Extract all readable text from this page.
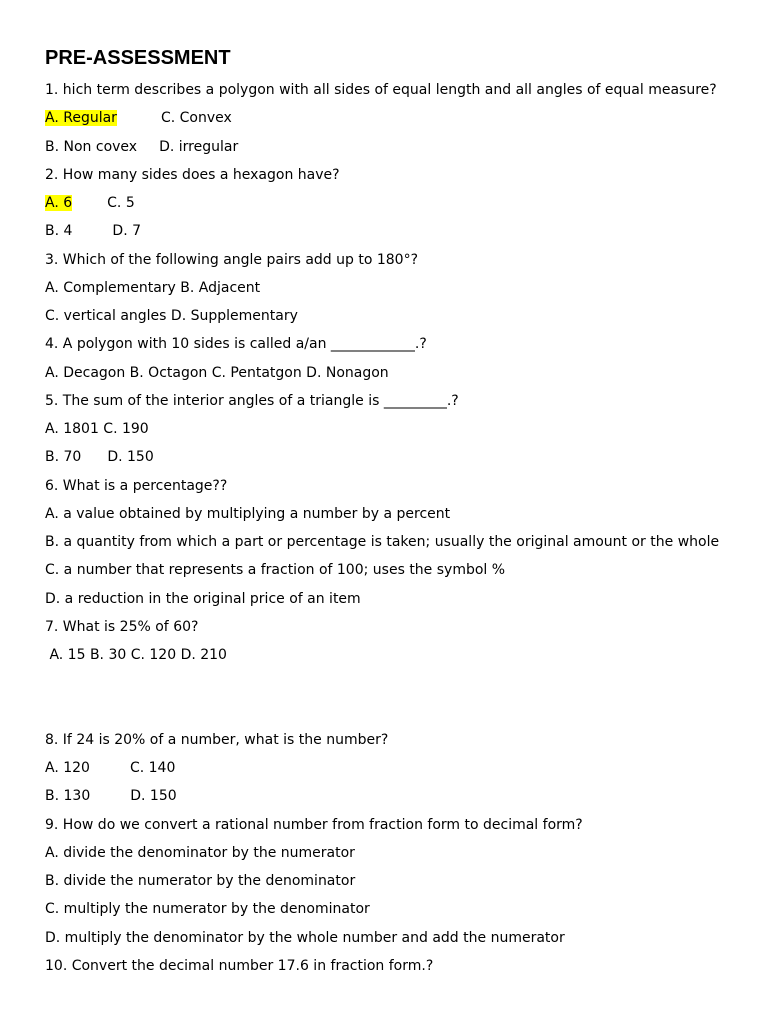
PRE-ASSESSMENT
1. hich term describes a polygon with all sides of equal length and all angles of equal measure?
A. Regular	C. Convex
B. Non covex D. irregular
2. How many sides does a hexagon have?
A. 6	C. 5
B. 4	D. 7
3. Which of the following angle pairs add up to 180°?
A. Complementary B. Adjacent
C. vertical angles D. Supplementary
4. A polygon with 10 sides is called a/an ____________.?
A. Decagon B. Octagon C. Pentatgon D. Nonagon
5. The sum of the interior angles of a triangle is _________.?
A. 1801 C. 190
B. 70 D. 150
6. What is a percentage??
A. a value obtained by multiplying a number by a percent
B. a quantity from which a part or percentage is taken; usually the original amount or the whole
C. a number that represents a fraction of 100; uses the symbol %
D. a reduction in the original price of an item
7. What is 25% of 60?
A. 15 B. 30 C. 120 D. 210
8. If 24 is 20% of a number, what is the number?
A. 120	C. 140
B. 130	D. 150
9. How do we convert a rational number from fraction form to decimal form?
A. divide the denominator by the numerator
B. divide the numerator by the denominator
C. multiply the numerator by the denominator
D. multiply the denominator by the whole number and add the numerator
10. Convert the decimal number 17.6 in fraction form.?
